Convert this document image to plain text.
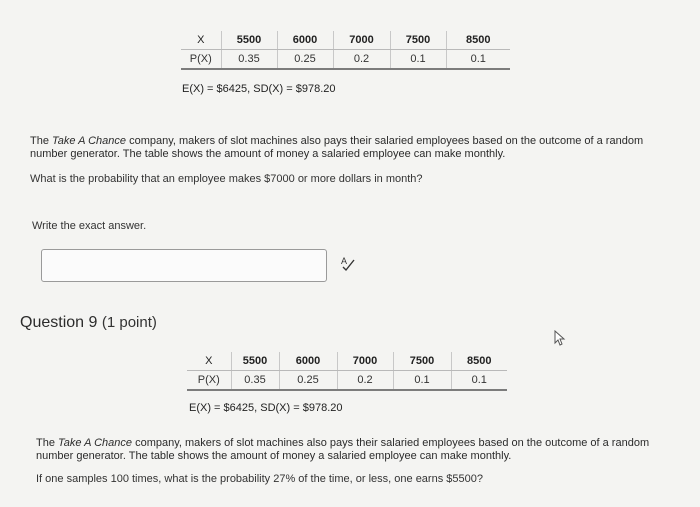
X	5500	6000	7000	7500	8500
P(X)	0.35	0.25	0.2	0.1	0.1
E(X) = $6425, SD(X) = $978.20
The Take A Chance company, makers of slot machines also pays their salaried employees based on the outcome of a random number generator. The table shows the amount of money a salaried employee can make monthly.
What is the probability that an employee makes $7000 or more dollars in month?
Write the exact answer.
A
Question 9 (1 point)
X	5500	6000	7000	7500	8500
P(X)	0.35	0.25	0.2	0.1	0.1
E(X) = $6425, SD(X) = $978.20
The Take A Chance company, makers of slot machines also pays their salaried employees based on the outcome of a random number generator. The table shows the amount of money a salaried employee can make monthly.
If one samples 100 times, what is the probability 27% of the time, or less, one earns $5500?
